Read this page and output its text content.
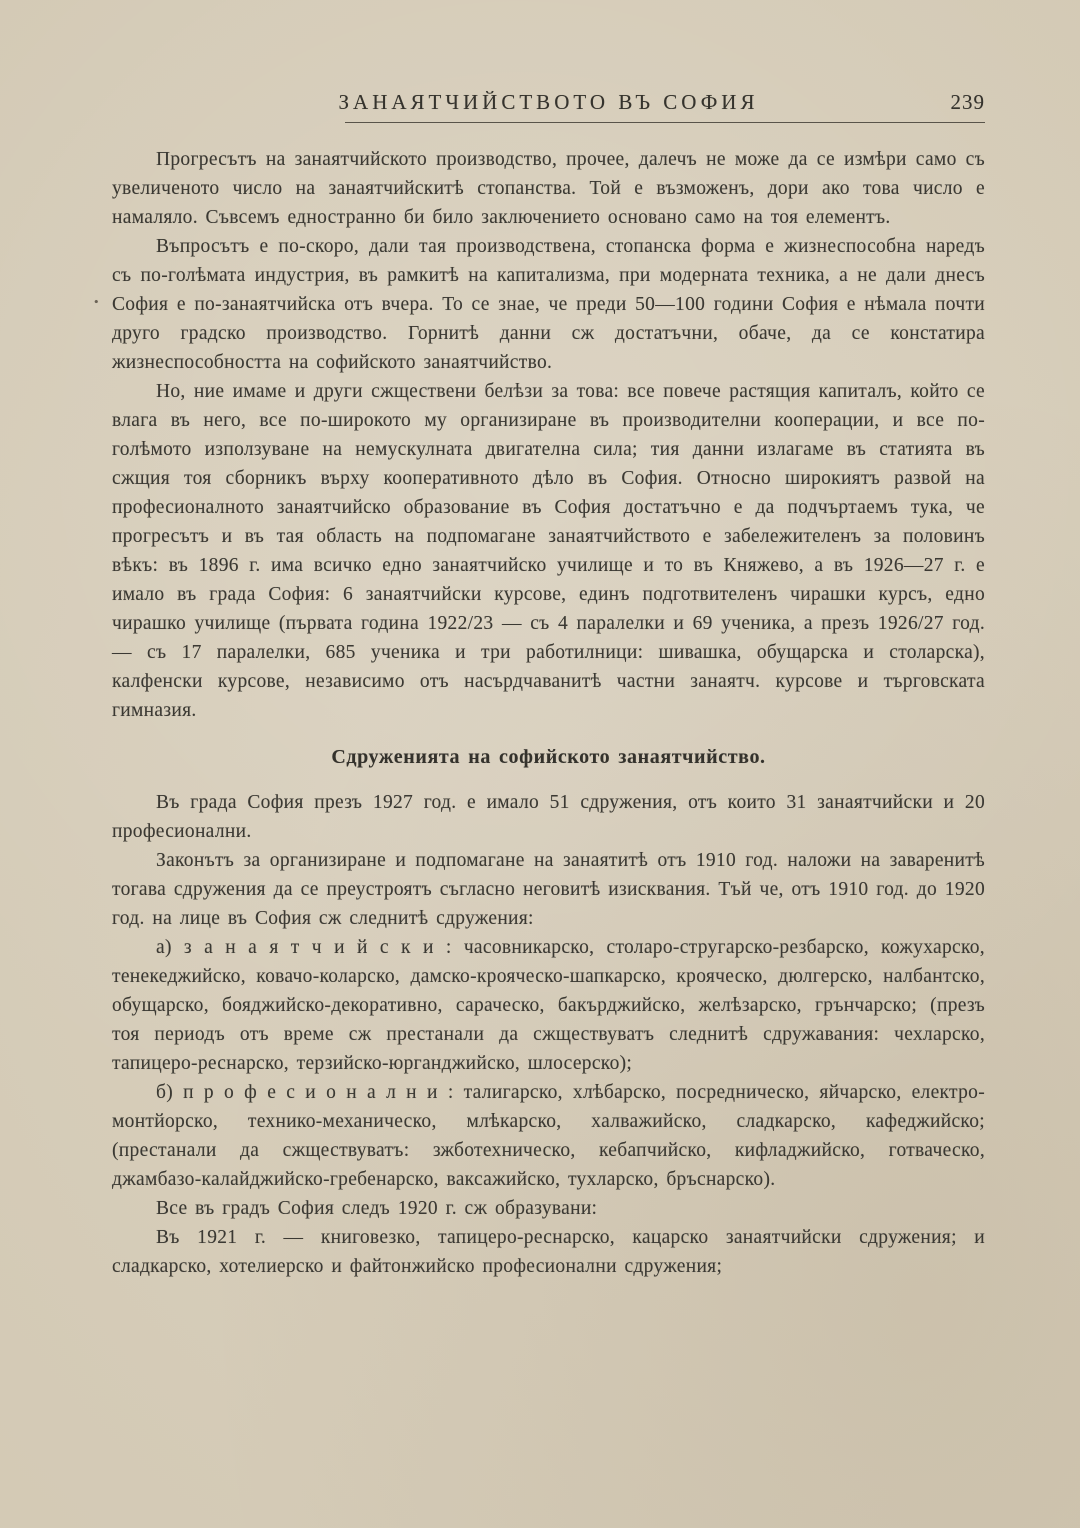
ЗАНАЯТЧИЙСТВОТО ВЪ СОФИЯ	239
•

Прогресътъ на занаятчийското производство, прочее, далечъ не може да се измѣри само съ увеличеното число на занаятчийскитѣ стопанства. Той е възможенъ, дори ако това число е намаляло. Съвсемъ едностранно би било заключението основано само на тоя елементъ.

Въпросътъ е по-скоро, дали тая производствена, стопанска форма е жизнеспособна наредъ съ по-голѣмата индустрия, въ рамкитѣ на капитализма, при модерната техника, а не дали днесъ София е по-занаятчийска отъ вчера. То се знае, че преди 50—100 години София е нѣмала почти друго градско производство. Горнитѣ данни сж достатъчни, обаче, да се констатира жизнеспособността на софийското занаятчийство.

Но, ние имаме и други сжществени белѣзи за това: все повече растящия капиталъ, който се влага въ него, все по-широкото му организиране въ производителни кооперации, и все по-голѣмото използуване на немускулната двигателна сила; тия данни излагаме въ статията въ сжщия тоя сборникъ върху кооперативното дѣло въ София. Относно широкиятъ развой на професионалното занаятчийско образование въ София достатъчно е да подчъртаемъ тука, че прогресътъ и въ тая область на подпомагане занаятчийството е забележителенъ за половинъ вѣкъ: въ 1896 г. има всичко едно занаятчийско училище и то въ Княжево, а въ 1926—27 г. е имало въ града София: 6 занаятчийски курсове, единъ подготвителенъ чирашки курсъ, едно чирашко училище (първата година 1922/23 — съ 4 паралелки и 69 ученика, а презъ 1926/27 год. — съ 17 паралелки, 685 ученика и три работилници: шивашка, обущарска и столарска), калфенски курсове, независимо отъ насърдчаванитѣ частни занаятч. курсове и търговската гимназия.

Сдруженията на софийското занаятчийство.

Въ града София презъ 1927 год. е имало 51 сдружения, отъ които 31 занаятчийски и 20 професионални.

Законътъ за организиране и подпомагане на занаятитѣ отъ 1910 год. наложи на заваренитѣ тогава сдружения да се преустроятъ съгласно неговитѣ изисквания. Тъй че, отъ 1910 год. до 1920 год. на лице въ София сж следнитѣ сдружения:

а) з а н а я т ч и й с к и : часовникарско, столаро-стругарско-резбарско, кожухарско, тенекеджийско, ковачо-коларско, дамско-крояческо-шапкарско, крояческо, дюлгерско, налбантско, обущарско, бояджийско-декоративно, сараческо, бакърджийско, желѣзарско, грънчарско; (презъ тоя периодъ отъ време сж престанали да сжществуватъ следнитѣ сдружавания: чехларско, тапицеро-реснарско, терзийско-юрганджийско, шлосерско);

б) п р о ф е с и о н а л н и : талигарско, хлѣбарско, посредническо, яйчарско, електро-монтйорско, технико-механическо, млѣкарско, халважийско, сладкарско, кафеджийско; (престанали да сжществуватъ: зжботехническо, кебапчийско, кифладжийско, готваческо, джамбазо-калайджийско-гребенарско, ваксажийско, тухларско, бръснарско).

Все въ градъ София следъ 1920 г. сж образувани:

Въ 1921 г. — книговезко, тапицеро-реснарско, кацарско занаятчийски сдружения; и сладкарско, хотелиерско и файтонжийско професионални сдружения;
